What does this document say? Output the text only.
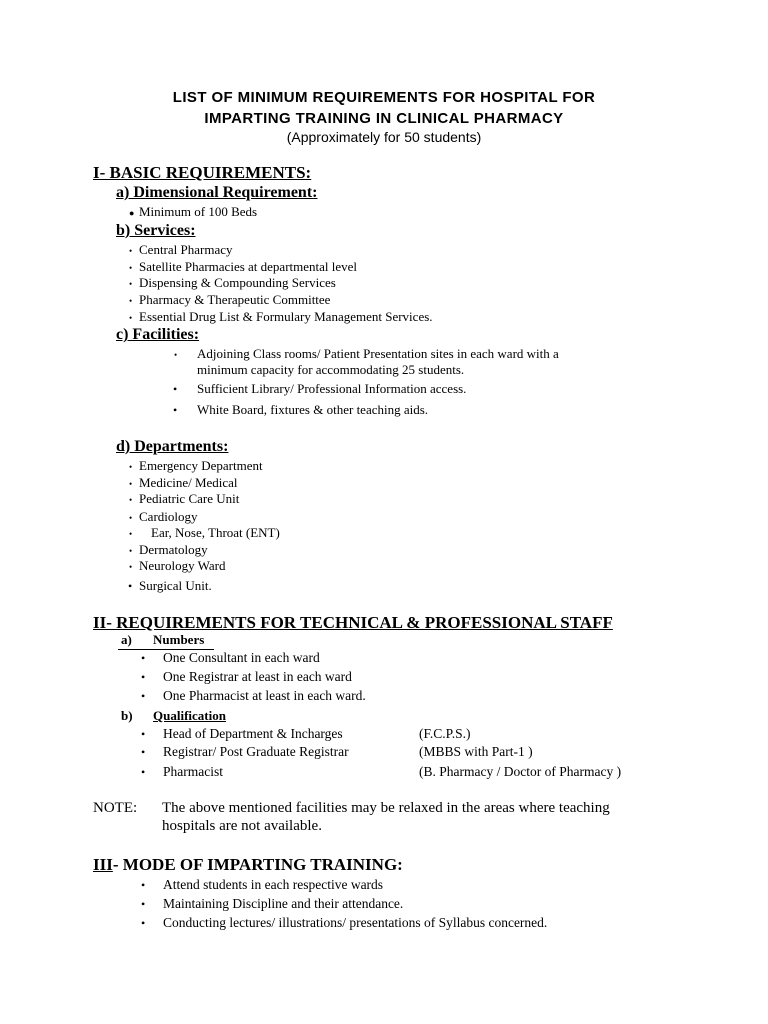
LIST OF MINIMUM REQUIREMENTS FOR HOSPITAL FOR
IMPARTING TRAINING IN CLINICAL PHARMACY
(Approximately for 50 students)
I- BASIC REQUIREMENTS:
a) Dimensional Requirement:
● Minimum of 100 Beds
b) Services:
• Central Pharmacy
• Satellite Pharmacies at departmental level
• Dispensing & Compounding Services
• Pharmacy & Therapeutic Committee
• Essential Drug List & Formulary Management Services.
c) Facilities:
• Adjoining Class rooms/ Patient Presentation sites in each ward with a
minimum capacity for accommodating 25 students.
• Sufficient Library/ Professional Information access.
• White Board, fixtures & other teaching aids.
d) Departments:
• Emergency Department
• Medicine/ Medical
• Pediatric Care Unit
• Cardiology
• Ear, Nose, Throat (ENT)
• Dermatology
• Neurology Ward
• Surgical Unit.
II- REQUIREMENTS FOR TECHNICAL & PROFESSIONAL STAFF
a) Numbers
• One Consultant in each ward
• One Registrar at least in each ward
• One Pharmacist at least in each ward.
b) Qualification
• Head of Department & Incharges	(F.C.P.S.)
• Registrar/ Post Graduate Registrar	(MBBS with Part-1 )
• Pharmacist	(B. Pharmacy / Doctor of Pharmacy )
NOTE: The above mentioned facilities may be relaxed in the areas where teaching
hospitals are not available.
III- MODE OF IMPARTING TRAINING:
• Attend students in each respective wards
• Maintaining Discipline and their attendance.
• Conducting lectures/ illustrations/ presentations of Syllabus concerned.
